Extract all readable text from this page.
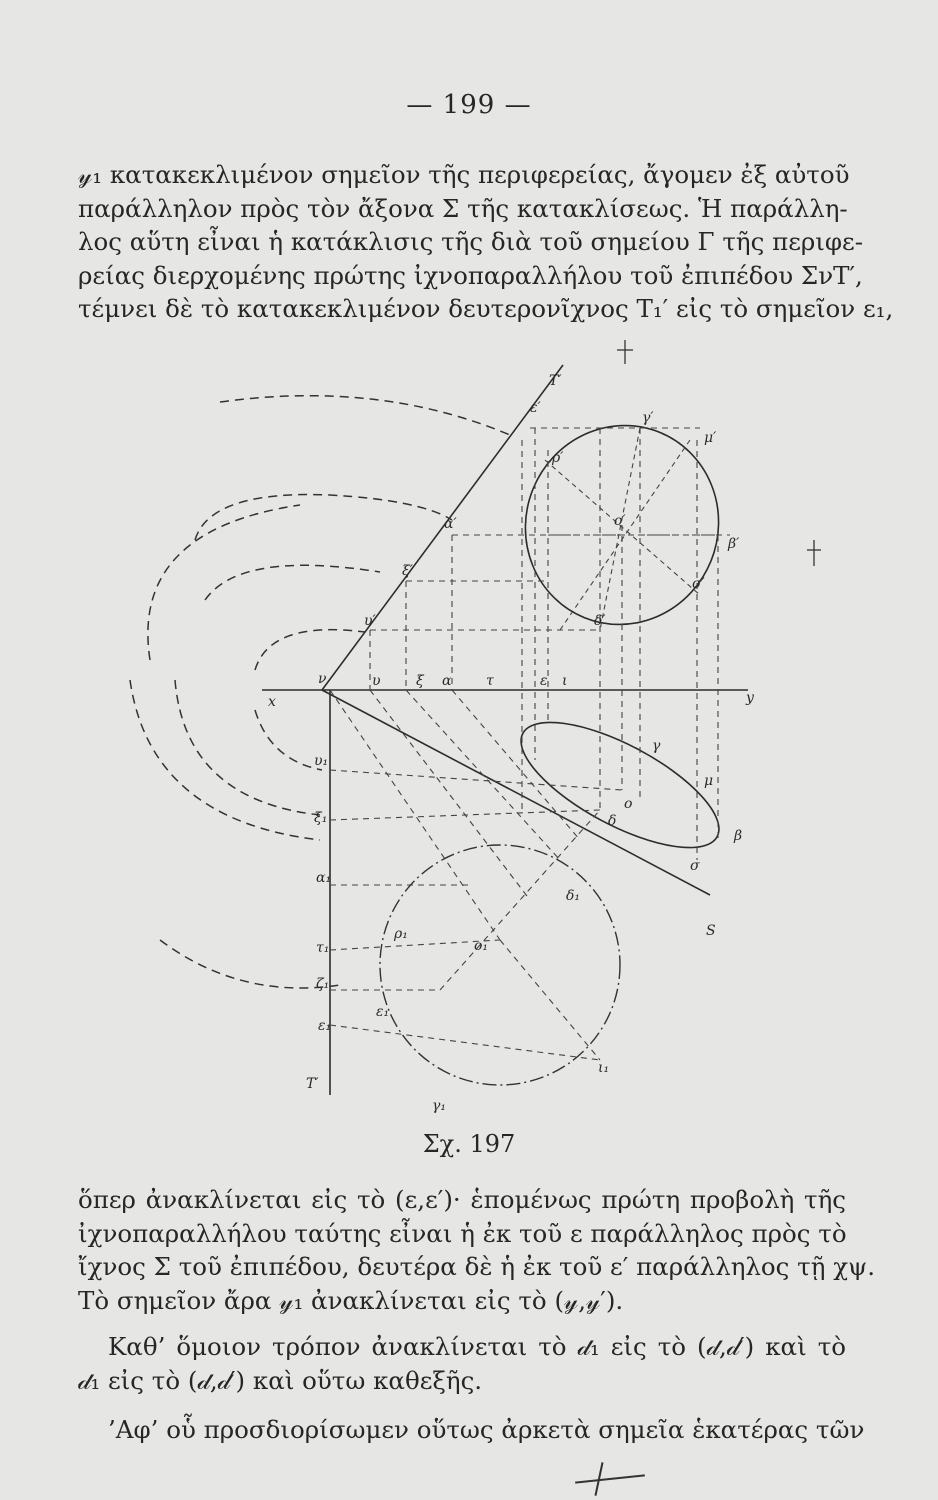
— 199 —
𝓎₁ κατακεκλιμένον σημεῖον τῆς περιφερείας, ἄγομεν ἐξ αὐτοῦ
παράλληλον πρὸς τὸν ἄξονα Σ τῆς κατακλίσεως. Ἡ παράλλη-
λος αὕτη εἶναι ἡ κατάκλισις τῆς διὰ τοῦ σημείου Γ τῆς περιφε-
ρείας διερχομένης πρώτης ἰχνοπαραλλήλου τοῦ ἐπιπέδου ΣνΤ′,
τέμνει δὲ τὸ κατακεκλιμένον δευτερονῖχνος Τ₁′ εἰς τὸ σημεῖον ε₁,
T′
T′
x	y
ν	υ	ξ α τ	ε ι
γ
μ
β
σ
δ
ο
S
γ′
μ′
β′
σ′
δ′
ο′
α′
ξ′
ε′
ρ′
υ′
υ₁
ξ₁
α₁
τ₁
ζ₁
ε₁
ο₁
δ₁
γ₁
ρ₁
ι₁
ε₁
Σχ. 197
ὅπερ ἀνακλίνεται εἰς τὸ (ε,ε′)· ἑπομένως πρώτη προβολὴ τῆς
ἰχνοπαραλλήλου ταύτης εἶναι ἡ ἐκ τοῦ ε παράλληλος πρὸς τὸ
ἴχνος Σ τοῦ ἐπιπέδου, δευτέρα δὲ ἡ ἐκ τοῦ ε′ παράλληλος τῇ χψ.
Τὸ σημεῖον ἄρα 𝓎₁ ἀνακλίνεται εἰς τὸ (𝓎,𝓎′).
Καθ’ ὅμοιον τρόπον ἀνακλίνεται τὸ 𝒹₁ εἰς τὸ (𝒹,𝒹′) καὶ τὸ
𝒹₁ εἰς τὸ (𝒹,𝒹′) καὶ οὕτω καθεξῆς.
’Αφ’ οὗ προσδιορίσωμεν οὕτως ἀρκετὰ σημεῖα ἑκατέρας τῶν
